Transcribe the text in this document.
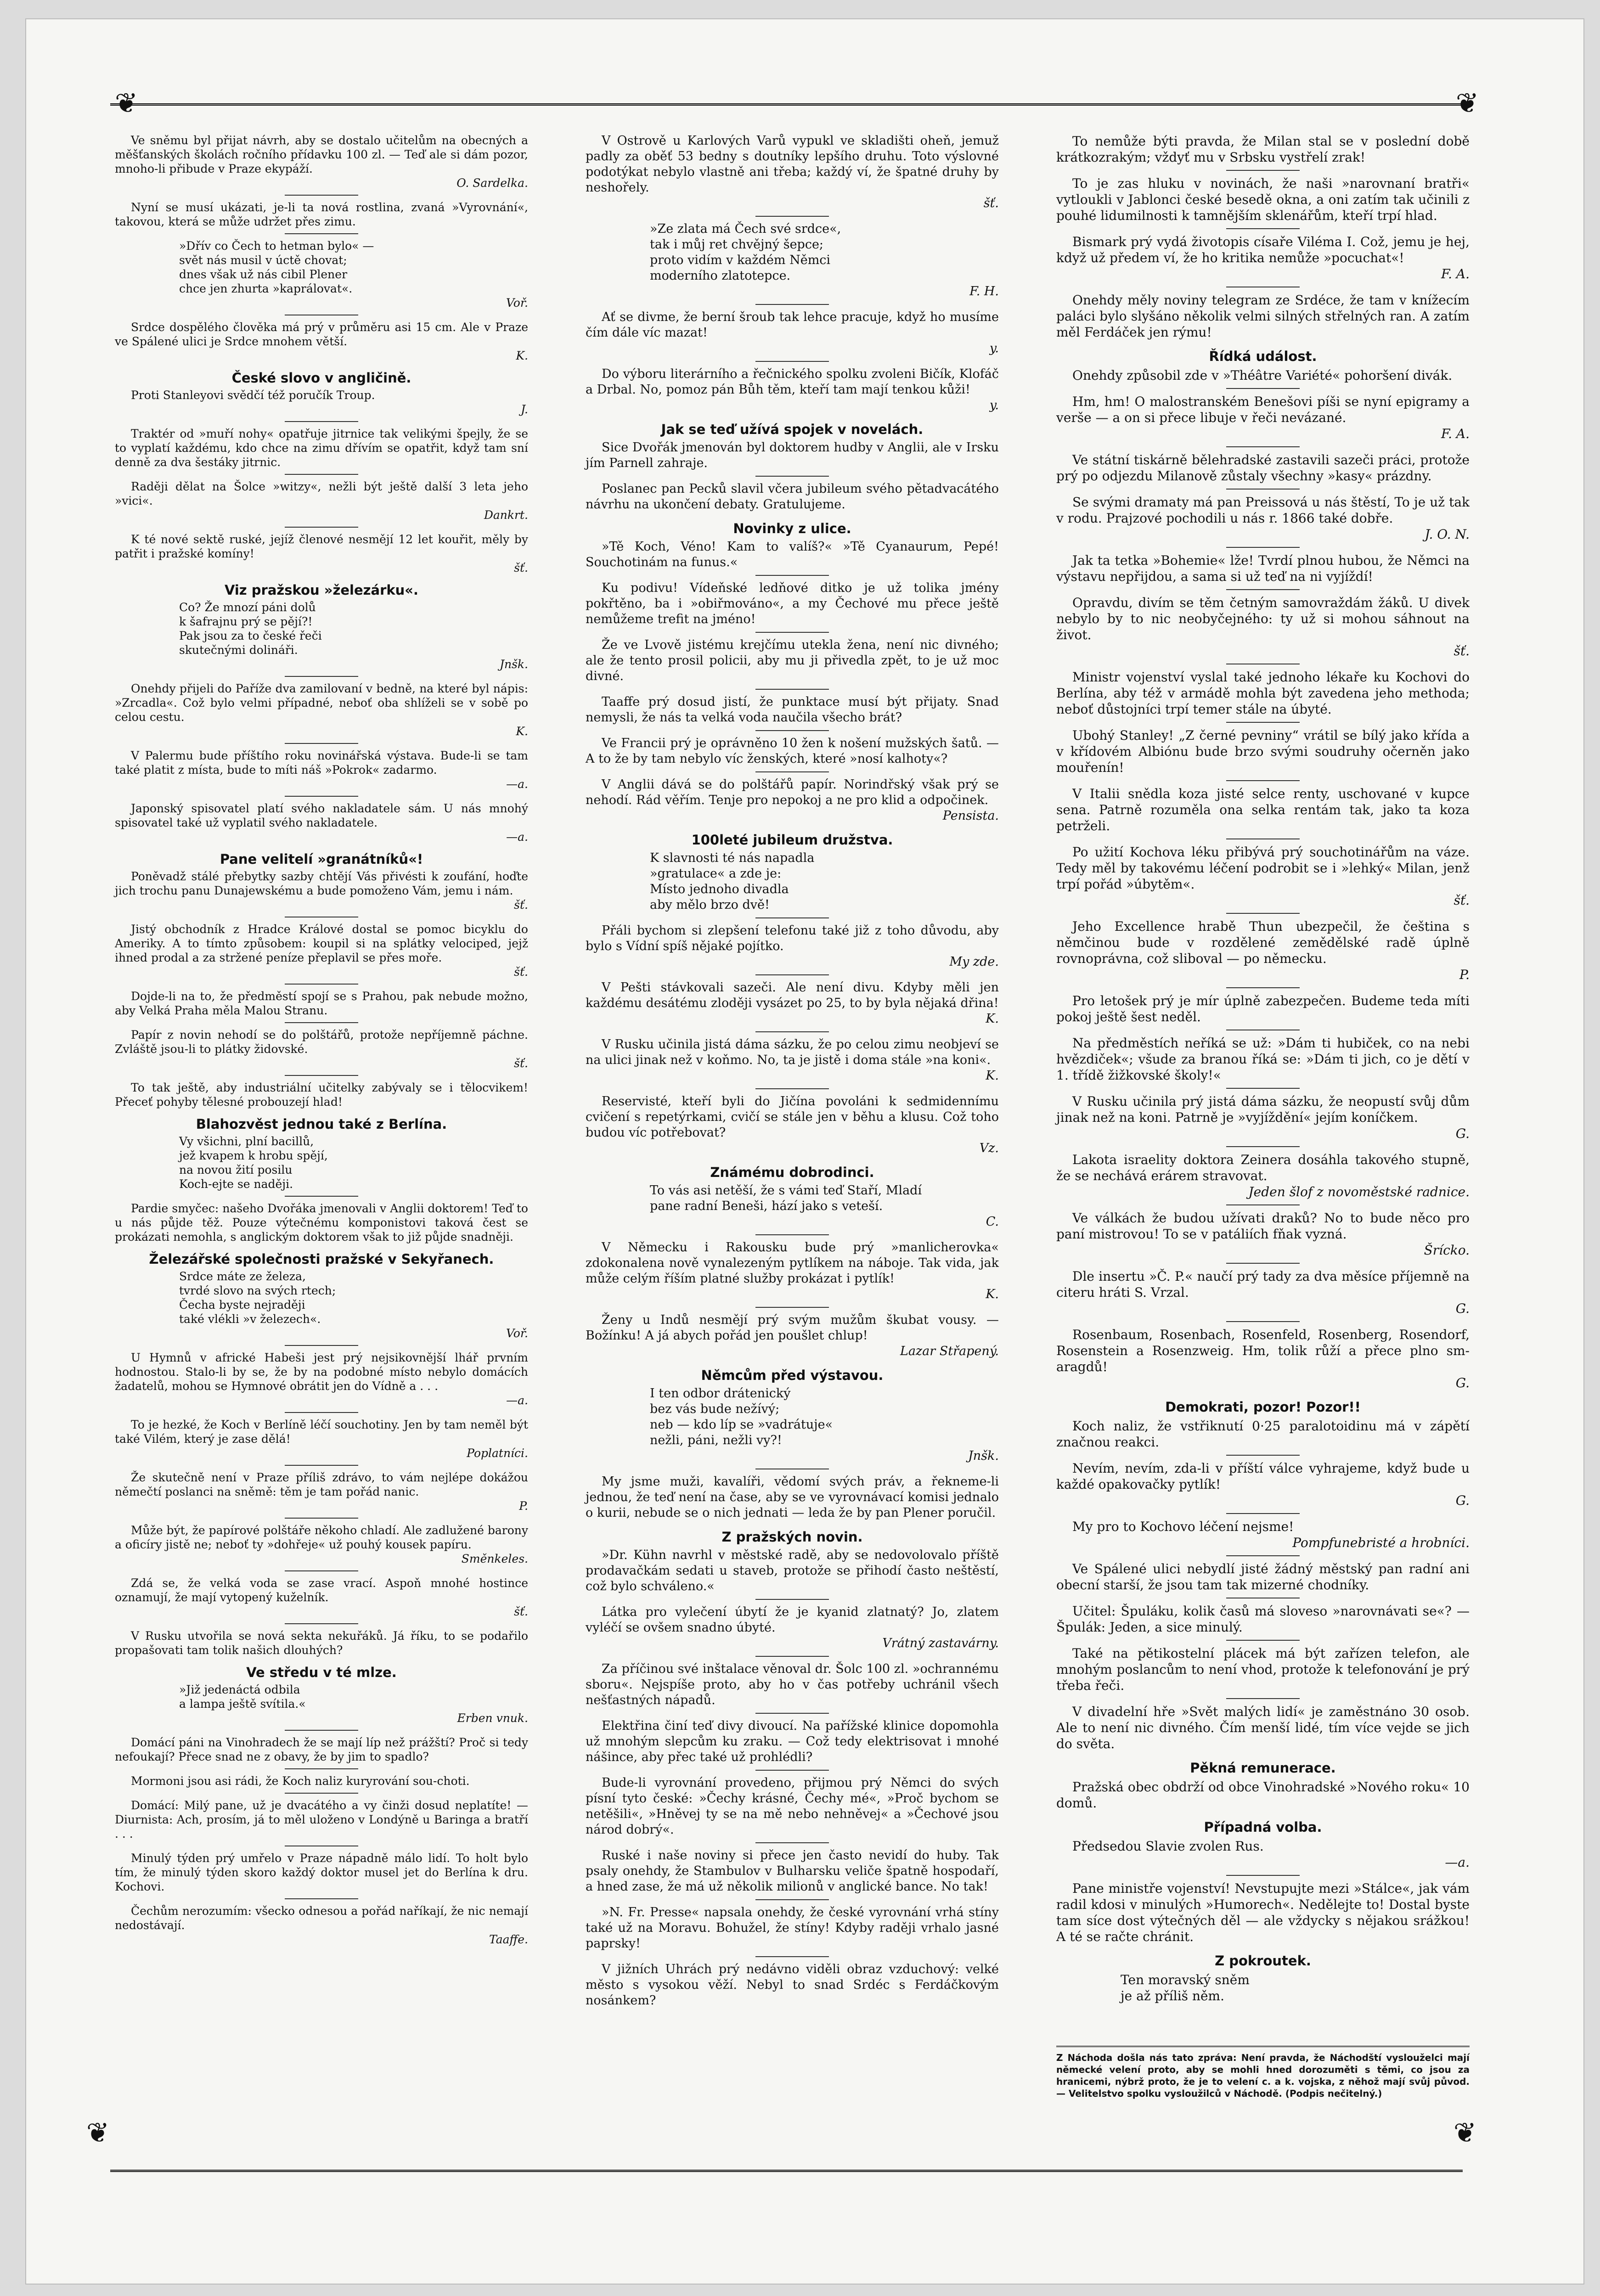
❦	❦
❦	❦
Ve sněmu byl přijat návrh, aby se dostalo učitelům na obecných a měšťanských školách ročního přídavku 100 zl. — Teď ale si dám pozor, mnoho-li přibude v Praze ekypáží.
O. Sardelka.
Nyní se musí ukázati, je-li ta nová rostlina, zvaná »Vyrovnání«, takovou, která se může udržet přes zimu.
»Dřív co Čech to hetman bylo« —
svět nás musil v úctě chovat;
dnes však už nás cibil Plener
chce jen zhurta »kaprálovat«.
Voř.
Srdce dospělého člověka má prý v průměru asi 15 cm. Ale v Praze ve Spálené ulici je Srdce mnohem větší.
K.
České slovo v angličině.
Proti Stanleyovi svědčí též poručík Troup.
J.
Traktér od »muří nohy« opatřuje jitrnice tak velikými špejly, že se to vyplatí každému, kdo chce na zimu dřívím se opatřit, když tam sní denně za dva šestáky jitrnic.
Raději dělat na Šolce »witzy«, nežli být ještě další 3 leta jeho »vici«.
Dankrt.
K té nové sektě ruské, jejíž členové nesmějí 12 let kouřit, měly by patřit i pražské komíny!
šť.
Viz pražskou »železárku«.
Co? Že mnozí páni dolů
k šafrajnu prý se pějí?!
Pak jsou za to české řeči
skutečnými dolináři.
Jnšk.
Onehdy přijeli do Paříže dva zamilovaní v bedně, na které byl nápis: »Zrcadla«. Což bylo velmi případné, neboť oba shlíželi se v sobě po celou cestu.
K.
V Palermu bude příštího roku novinářská výstava. Bude-li se tam také platit z místa, bude to míti náš »Pokrok« zadarmo.
—a.
Japonský spisovatel platí svého nakladatele sám. U nás mnohý spisovatel také už vyplatil svého nakladatele.
—a.
Pane velitelí »granátníků«!
Poněvadž stálé přebytky sazby chtějí Vás přivésti k zoufání, hoďte jich trochu panu Dunajewskému a bude pomoženo Vám, jemu i nám.
šť.
Jistý obchodník z Hradce Králové dostal se pomoc bicyklu do Ameriky. A to tímto způsobem: koupil si na splátky velociped, jejž ihned prodal a za stržené peníze přeplavil se přes moře.
šť.
Dojde-li na to, že předměstí spojí se s Prahou, pak nebude možno, aby Velká Praha měla Malou Stranu.
Papír z novin nehodí se do polštářů, protože nepříjemně páchne. Zvláště jsou-li to plátky židovské.
šť.
To tak ještě, aby industriální učitelky zabývaly se i tělocvikem! Přeceť pohyby tělesné probouzejí hlad!
Blahozvěst jednou také z Berlína.
Vy všichni, plní bacillů,
jež kvapem k hrobu spějí,
na novou žití posilu
Koch-ejte se naději.
Pardie smyčec: našeho Dvořáka jmenovali v Anglii doktorem! Teď to u nás půjde těž. Pouze výtečnému komponistovi taková čest se prokázati nemohla, s anglickým doktorem však to již půjde snadněji.
Železářské společnosti pražské v Sekyřanech.
Srdce máte ze železa,
tvrdé slovo na svých rtech;
Čecha byste nejraději
také vlékli »v železech«.
Voř.
U Hymnů v africké Habeši jest prý nejsikovnější lhář prvním hodnostou. Stalo-li by se, že by na podobné místo nebylo domácích žadatelů, mohou se Hymnové obrátit jen do Vídně a . . .
—a.
To je hezké, že Koch v Berlíně léčí souchotiny. Jen by tam neměl být také Vilém, který je zase dělá!
Poplatníci.
Že skutečně není v Praze příliš zdrávo, to vám nejlépe dokážou němečtí poslanci na sněmě: těm je tam pořád nanic.
P.
Může být, že papírové polštáře někoho chladí. Ale zadlužené barony a oficíry jistě ne; neboť ty »dohřeje« už pouhý kousek papíru.
Směnkeles.
Zdá se, že velká voda se zase vrací. Aspoň mnohé hostince oznamují, že mají vytopený kuželník.
šť.
V Rusku utvořila se nová sekta nekuřáků. Já říku, to se podařilo propašovati tam tolik našich dlouhých?
Ve středu v té mlze.
»Již jedenáctá odbila
a lampa ještě svítila.«
Erben vnuk.
Domácí páni na Vinohradech že se mají líp než prážští? Proč si tedy nefoukají? Přece snad ne z obavy, že by jim to spadlo?
Mormoni jsou asi rádi, že Koch naliz kuryrování sou-choti.
Domácí: Milý pane, už je dvacátého a vy činži dosud neplatíte! — Diurnista: Ach, prosím, já to měl uloženo v Londýně u Baringa a bratří . . .
Minulý týden prý umřelo v Praze nápadně málo lidí. To holt bylo tím, že minulý týden skoro každý doktor musel jet do Berlína k dru. Kochovi.
Čechům nerozumím: všecko odnesou a pořád naříkají, že nic nemají nedostávají.
Taaffe.
V Ostrově u Karlových Varů vypukl ve skladišti oheň, jemuž padly za oběť 53 bedny s doutníky lepšího druhu. Toto výslovné podotýkat nebylo vlastně ani třeba; každý ví, že špatné druhy by neshořely.
šť.
»Ze zlata má Čech své srdce«,
tak i můj ret chvějný šepce;
proto vidím v každém Němci
moderního zlatotepce.
F. H.
Ať se divme, že berní šroub tak lehce pracuje, když ho musíme čím dále víc mazat!
y.
Do výboru literárního a řečnického spolku zvoleni Bičík, Klofáč a Drbal. No, pomoz pán Bůh těm, kteří tam mají tenkou kůži!
y.
Jak se teď užívá spojek v novelách.
Sice Dvořák jmenován byl doktorem hudby v Anglii, ale v Irsku jím Parnell zahraje.
Poslanec pan Pecků slavil včera jubileum svého pětadvacátého návrhu na ukončení debaty. Gratulujeme.
Novinky z ulice.
»Tě Koch, Véno! Kam to valíš?« »Tě Cyanaurum, Pepé! Souchotinám na funus.«
Ku podivu! Vídeňské ledňové ditko je už tolika jmény pokřtěno, ba i »obiřmováno«, a my Čechové mu přece ještě nemůžeme trefit na jméno!
Že ve Lvově jistému krejčímu utekla žena, není nic divného; ale že tento prosil policii, aby mu ji přivedla zpět, to je už moc divné.
Taaffe prý dosud jistí, že punktace musí být přijaty. Snad nemysli, že nás ta velká voda naučila všecho brát?
Ve Francii prý je oprávněno 10 žen k nošení mužských šatů. — A to že by tam nebylo víc ženských, které »nosí kalhoty«?
V Anglii dává se do polštářů papír. Norindřský však prý se nehodí. Rád věřím. Tenje pro nepokoj a ne pro klid a odpočinek.
Pensista.
100leté jubileum družstva.
K slavnosti té nás napadla
»gratulace« a zde je:
Místo jednoho divadla
aby mělo brzo dvě!
Přáli bychom si zlepšení telefonu také již z toho důvodu, aby bylo s Vídní spíš nějaké pojítko.
My zde.
V Pešti stávkovali sazeči. Ale není divu. Kdyby měli jen každému desátému zloději vysázet po 25, to by byla nějaká dřina!
K.
V Rusku učinila jistá dáma sázku, že po celou zimu neobjeví se na ulici jinak než v koňmo. No, ta je jistě i doma stále »na koni«.
K.
Reservisté, kteří byli do Jičína povoláni k sedmidennímu cvičení s repetýrkami, cvičí se stále jen v běhu a klusu. Což toho budou víc potřebovat?
Vz.
Známému dobrodinci.
To vás asi netěší, že s vámi teď Staří, Mladí
pane radní Beneši, hází jako s veteší.
C.
V Německu i Rakousku bude prý »manlicherovka« zdokonalena nově vynalezeným pytlíkem na náboje. Tak vida, jak může celým říším platné služby prokázat i pytlík!
K.
Ženy u Indů nesmějí prý svým mužům škubat vousy. — Božínku! A já abych pořád jen poušlet chlup!
Lazar Střapený.
Němcům před výstavou.
I ten odbor drátenický
bez vás bude nežívý;
neb — kdo líp se »vadrátuje«
nežli, páni, nežli vy?!
Jnšk.
My jsme muži, kavalíři, vědomí svých práv, a řekneme-li jednou, že teď není na čase, aby se ve vyrovnávací komisi jednalo o kurii, nebude se o nich jednati — leda že by pan Plener poručil.
Z pražských novin.
»Dr. Kühn navrhl v městské radě, aby se nedovolovalo příště prodavačkám sedati u staveb, protože se přihodí často neštěstí, což bylo schváleno.«
Látka pro vylečení úbytí že je kyanid zlatnatý? Jo, zlatem vyléčí se ovšem snadno úbyté.
Vrátný zastavárny.
Za příčinou své inštalace věnoval dr. Šolc 100 zl. »ochrannému sboru«. Nejspíše proto, aby ho v čas potřeby uchránil všech nešťastných nápadů.
Elektřina činí teď divy divoucí. Na pařížské klinice dopomohla už mnohým slepcům ku zraku. — Což tedy elektrisovat i mnohé nášince, aby přec také už prohlédli?
Bude-li vyrovnání provedeno, přijmou prý Němci do svých písní tyto české: »Čechy krásné, Čechy mé«, »Proč bychom se netěšili«, »Hněvej ty se na mě nebo nehněvej« a »Čechové jsou národ dobrý«.
Ruské i naše noviny si přece jen často nevidí do huby. Tak psaly onehdy, že Stambulov v Bulharsku veliče špatně hospodaří, a hned zase, že má už několik milionů v anglické bance. No tak!
»N. Fr. Presse« napsala onehdy, že české vyrovnání vrhá stíny také už na Moravu. Bohužel, že stíny! Kdyby raději vrhalo jasné paprsky!
V jižních Uhrách prý nedávno viděli obraz vzduchový: velké město s vysokou věží. Nebyl to snad Srdéc s Ferdáčkovým nosánkem?
To nemůže býti pravda, že Milan stal se v poslední době krátkozrakým; vždyť mu v Srbsku vystřelí zrak!
To je zas hluku v novinách, že naši »narovnaní bratři« vytloukli v Jablonci české besedě okna, a oni zatím tak učinili z pouhé lidumilnosti k tamnějším sklenářům, kteří trpí hlad.
Bismark prý vydá životopis císaře Viléma I. Což, jemu je hej, když už předem ví, že ho kritika nemůže »pocuchat«!
F. A.
Onehdy měly noviny telegram ze Srdéce, že tam v knížecím paláci bylo slyšáno několik velmi silných střelných ran. A zatím měl Ferdáček jen rýmu!
Řídká událost.
Onehdy způsobil zde v »Théâtre Variété« pohoršení divák.
Hm, hm! O malostranském Benešovi píši se nyní epigramy a verše — a on si přece libuje v řeči nevázané.
F. A.
Ve státní tiskárně bělehradské zastavili sazeči práci, protože prý po odjezdu Milanově zůstaly všechny »kasy« prázdny.
Se svými dramaty má pan Preissová u nás štěstí, To je už tak v rodu. Prajzové pochodili u nás r. 1866 také dobře.
J. O. N.
Jak ta tetka »Bohemie« lže! Tvrdí plnou hubou, že Němci na výstavu nepřijdou, a sama si už teď na ni vyjíždí!
Opravdu, divím se těm četným samovraždám žáků. U divek nebylo by to nic neobyčejného: ty už si mohou sáhnout na život.
šť.
Ministr vojenství vyslal také jednoho lékaře ku Kochovi do Berlína, aby též v armádě mohla být zavedena jeho methoda; neboť důstojníci trpí temer stále na úbyté.
Ubohý Stanley! „Z černé pevniny“ vrátil se bílý jako křída a v křídovém Albiónu bude brzo svými soudruhy očerněn jako mouřenín!
V Italii snědla koza jisté selce renty, uschované v kupce sena. Patrně rozuměla ona selka rentám tak, jako ta koza petrželi.
Po užití Kochova léku přibývá prý souchotinářům na váze. Tedy měl by takovému léčení podrobit se i »lehký« Milan, jenž trpí pořád »úbytěm«.
šť.
Jeho Excellence hrabě Thun ubezpečil, že čeština s němčinou bude v rozdělené zemědělské radě úplně rovnoprávna, což sliboval — po německu.
P.
Pro letošek prý je mír úplně zabezpečen. Budeme teda míti pokoj ještě šest neděl.
Na předměstích neříká se už: »Dám ti hubiček, co na nebi hvězdiček«; všude za branou říká se: »Dám ti jich, co je dětí v 1. třídě žižkovské školy!«
V Rusku učinila prý jistá dáma sázku, že neopustí svůj dům jinak než na koni. Patrně je »vyjíždění« jejím koníčkem.
G.
Lakota israelity doktora Zeinera dosáhla takového stupně, že se nechává erárem stravovat.
Jeden šlof z novoměstské radnice.
Ve válkách že budou užívati draků? No to bude něco pro paní mistrovou! To se v patáliích fňak vyzná.
Šrícko.
Dle insertu »Č. P.« naučí prý tady za dva měsíce příjemně na citeru hráti S. Vrzal.
G.
Rosenbaum, Rosenbach, Rosenfeld, Rosenberg, Rosendorf, Rosenstein a Rosenzweig. Hm, tolik růží a přece plno sm-aragdů!
G.
Demokrati, pozor! Pozor!!
Koch naliz, že vstřiknutí 0·25 paralotoidinu má v zápětí značnou reakci.
Nevím, nevím, zda-li v příští válce vyhrajeme, když bude u každé opakovačky pytlík!
G.
My pro to Kochovo léčení nejsme!
Pompfunebristé a hrobníci.
Ve Spálené ulici nebydlí jisté žádný městský pan radní ani obecní starší, že jsou tam tak mizerné chodníky.
Učitel: Špuláku, kolik časů má sloveso »narovnávati se«? — Špulák: Jeden, a sice minulý.
Také na pětikostelní plácek má být zařízen telefon, ale mnohým poslancům to není vhod, protože k telefonování je prý třeba řeči.
V divadelní hře »Svět malých lidí« je zaměstnáno 30 osob. Ale to není nic divného. Čím menší lidé, tím více vejde se jich do světa.
Pěkná remunerace.
Pražská obec obdrží od obce Vinohradské »Nového roku« 10 domů.
Případná volba.
Předsedou Slavie zvolen Rus.
—a.
Pane ministře vojenství! Nevstupujte mezi »Stálce«, jak vám radil kdosi v minulých »Humorech«. Nedělejte to! Dostal byste tam síce dost výtečných děl — ale vždycky s nějakou srážkou! A té se račte chránit.
Z pokroutek.
Ten moravský sněm
je až příliš něm.
Z Náchoda došla nás tato zpráva: Není pravda, že Náchodští vyslouželci mají německé velení proto, aby se mohli hned dorozuměti s těmi, co jsou za hranicemi, nýbrž proto, že je to velení c. a k. vojska, z něhož mají svůj původ. — Velitelstvo spolku vysloužilců v Náchodě. (Podpis nečitelný.)
